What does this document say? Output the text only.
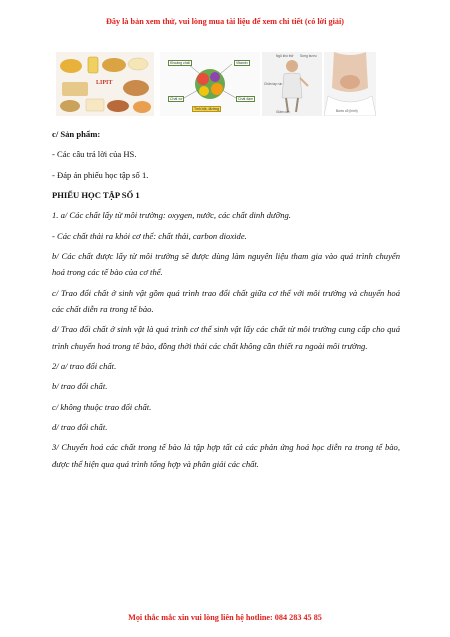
Đây là bản xem thử, vui lòng mua tài liệu để xem chi tiết (có lời giải)
LIPIT
Khoáng chất	Vitamin
Chất xơ	Chất đạm
Tinh bột, đường
Ngũ khó thở Sưng bướu
Chân tay run
Giảm cân	Bướu cổ (hình)

c/ Sản phẩm:

- Các câu trả lời của HS.

- Đáp án phiếu học tập số 1.

PHIẾU HỌC TẬP SỐ 1

1. a/ Các chất lấy từ môi trường: oxygen, nước, các chất dinh dưỡng.

- Các chất thải ra khỏi cơ thể: chất thải, carbon dioxide.

b/ Các chất được lấy từ môi trường sẽ được dùng làm nguyên liệu tham gia vào quá trình chuyển hoá trong các tế bào của cơ thể.

c/ Trao đổi chất ở sinh vật gồm quá trình trao đổi chất giữa cơ thể với môi trường và chuyển hoá các chất diễn ra trong tế bào.

d/ Trao đổi chất ở sinh vật là quá trình cơ thể sinh vật lấy các chất từ môi trường cung cấp cho quá trình chuyển hoá trong tế bào, đồng thời thải các chất không cần thiết ra ngoài môi trường.

2/ a/ trao đổi chất.

b/ trao đổi chất.

c/ không thuộc trao đổi chất.

d/ trao đổi chất.

3/ Chuyển hoá các chất trong tế bào là tập hợp tất cả các phản ứng hoá học diễn ra trong tế bào, được thể hiện qua quá trình tổng hợp và phân giải các chất.

Mọi thắc mắc xin vui lòng liên hệ hotline: 084 283 45 85
